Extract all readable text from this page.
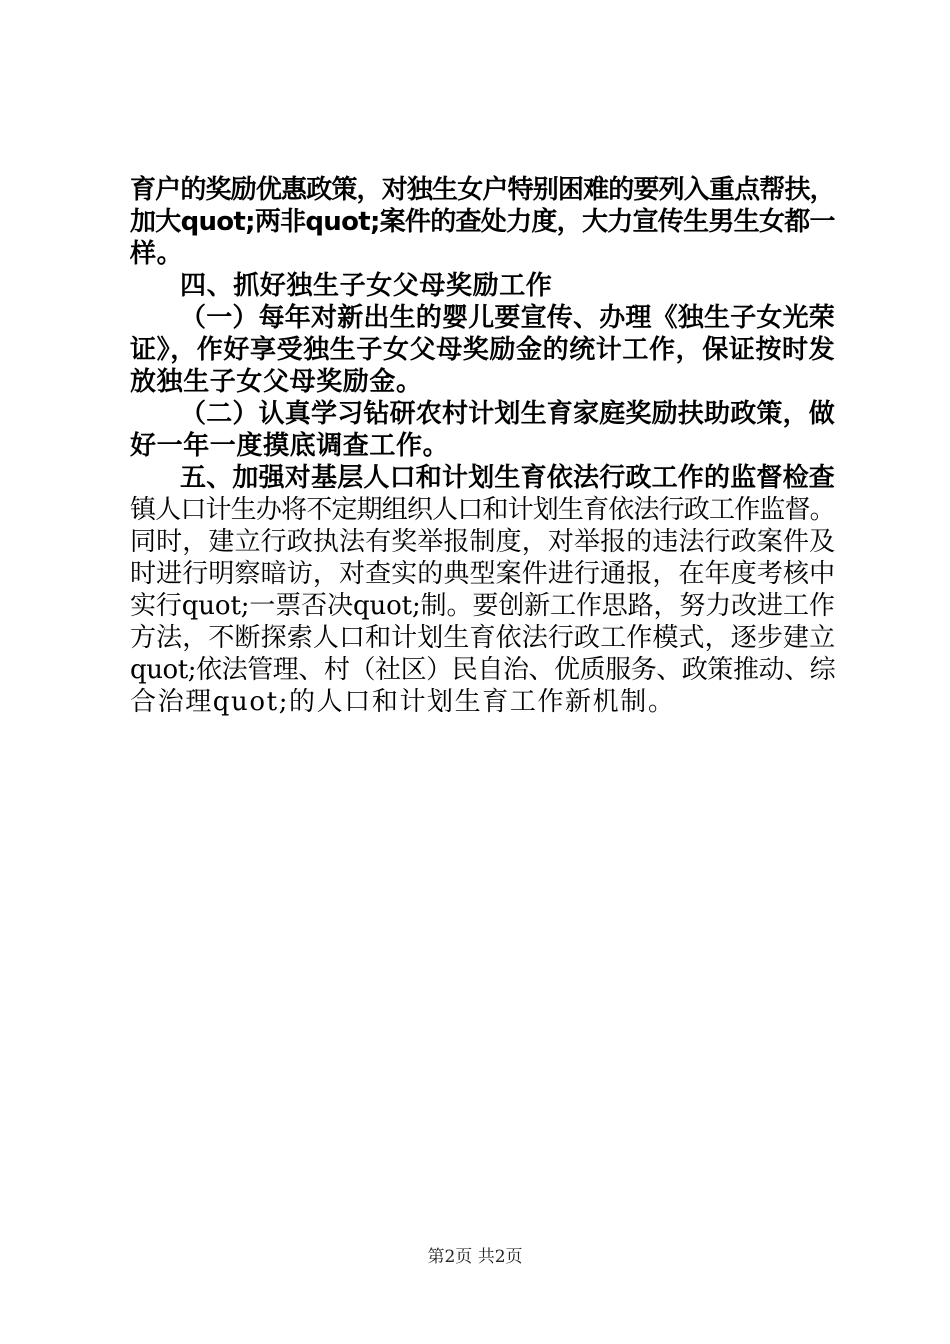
育户的奖励优惠政策，对独生女户特别困难的要列入重点帮扶，

加大quot;两非quot;案件的查处力度，大力宣传生男生女都一

样。

四、抓好独生子女父母奖励工作

（一）每年对新出生的婴儿要宣传、办理《独生子女光荣

证》，作好享受独生子女父母奖励金的统计工作，保证按时发

放独生子女父母奖励金。

（二）认真学习钻研农村计划生育家庭奖励扶助政策，做

好一年一度摸底调查工作。

五、加强对基层人口和计划生育依法行政工作的监督检查

镇人口计生办将不定期组织人口和计划生育依法行政工作监督。

同时，建立行政执法有奖举报制度，对举报的违法行政案件及

时进行明察暗访，对查实的典型案件进行通报，在年度考核中

实行quot;一票否决quot;制。要创新工作思路，努力改进工作

方法，不断探索人口和计划生育依法行政工作模式，逐步建立

quot;依法管理、村（社区）民自治、优质服务、政策推动、综

合治理quot;的人口和计划生育工作新机制。

第2页 共2页
